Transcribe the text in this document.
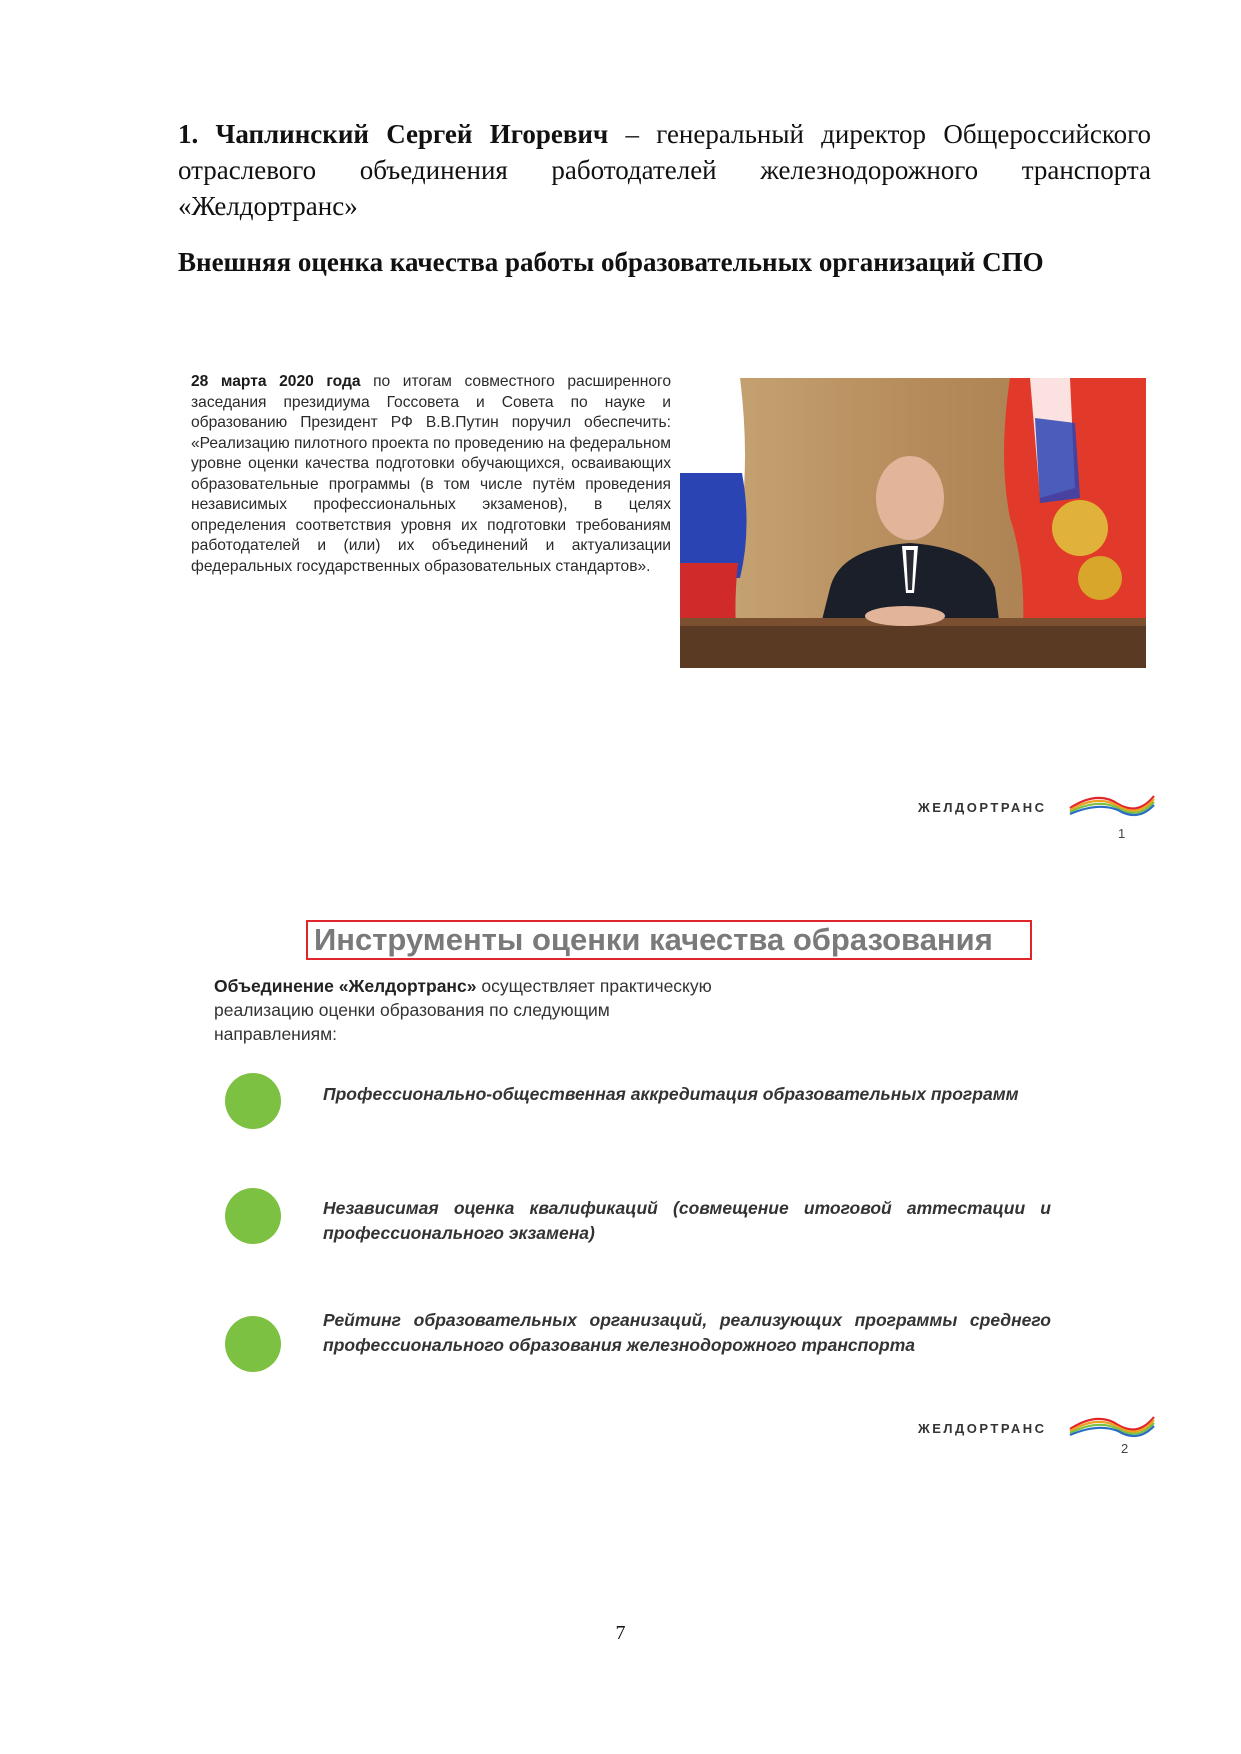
1. Чаплинский Сергей Игоревич – генеральный директор Общероссийского отраслевого объединения работодателей железнодорожного транспорта «Желдортранс»

Внешняя оценка качества работы образовательных организаций СПО

28 марта 2020 года по итогам совместного расширенного заседания президиума Госсовета и Совета по науке и образованию Президент РФ В.В.Путин поручил обеспечить: «Реализацию пилотного проекта по проведению на федеральном уровне оценки качества подготовки обучающихся, осваивающих образовательные программы (в том числе путём проведения независимых профессиональных экзаменов), в целях определения соответствия уровня их подготовки требованиям работодателей и (или) их объединений и актуализации федеральных государственных образовательных стандартов».

ЖЕЛДОРТРАНС
1
Инструменты оценки качества образования

Объединение «Желдортранс» осуществляет практическую реализацию оценки образования по следующим направлениям:

Профессионально-общественная аккредитация образовательных программ

Независимая оценка квалификаций (совмещение итоговой аттестации и профессионального экзамена)

Рейтинг образовательных организаций, реализующих программы среднего профессионального образования железнодорожного транспорта

ЖЕЛДОРТРАНС
2
7
